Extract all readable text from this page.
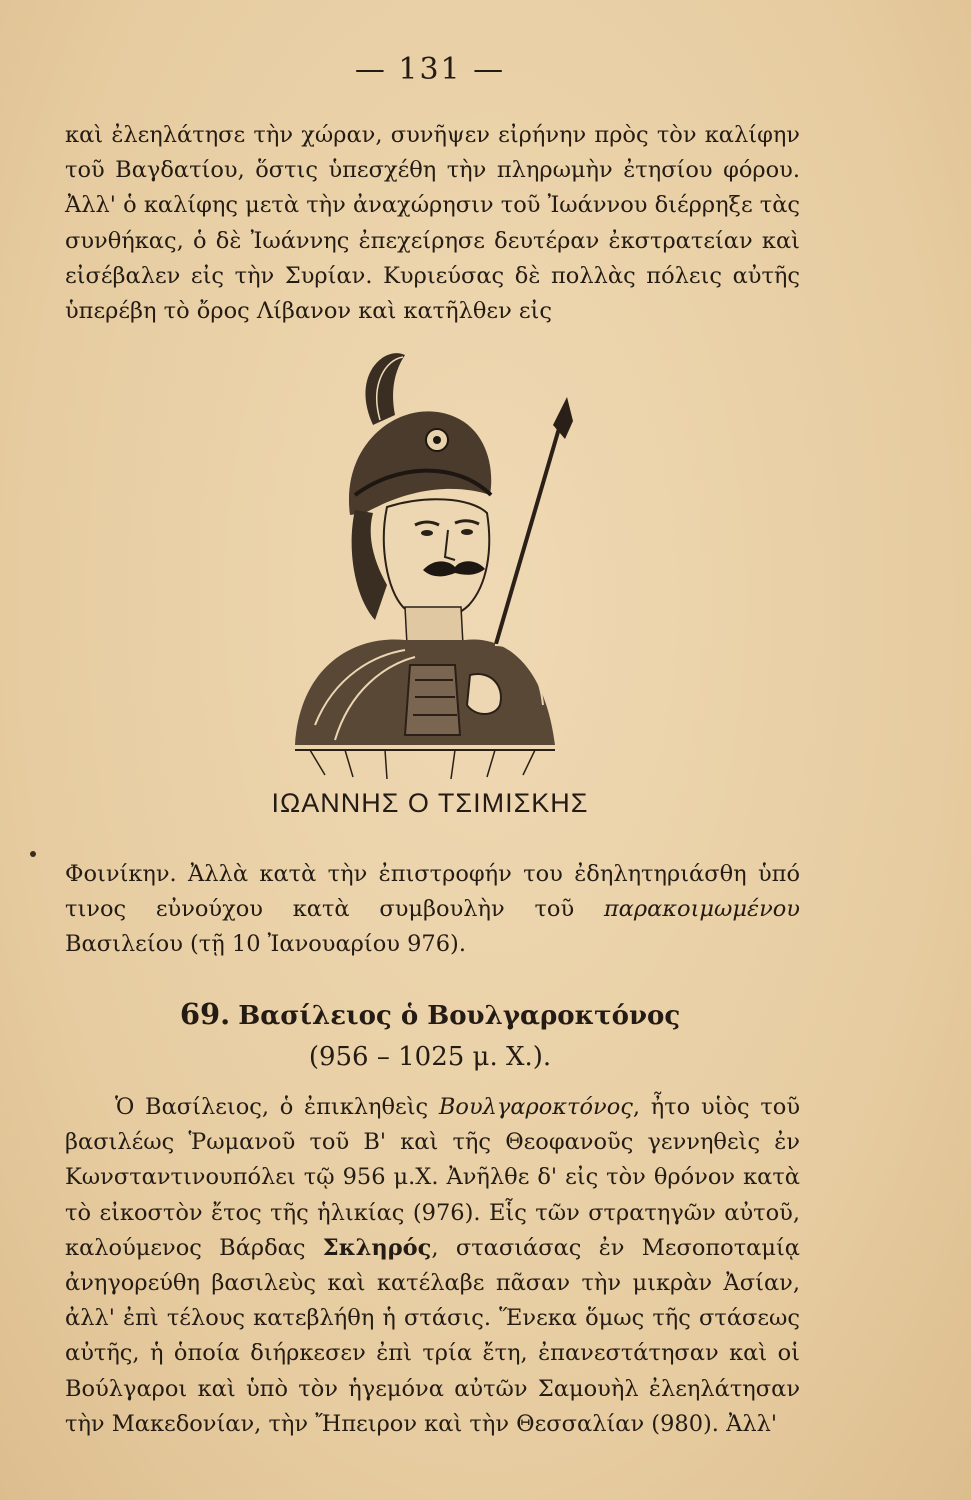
— 131 —

καὶ ἐλεηλάτησε τὴν χώραν, συνῆψεν εἰρήνην πρὸς τὸν καλίφην τοῦ Βαγδατίου, ὅστις ὑπεσχέθη τὴν πληρωμὴν ἐτησίου φόρου. Ἀλλ' ὁ καλίφης μετὰ τὴν ἀναχώρησιν τοῦ Ἰωάννου διέρρηξε τὰς συνθήκας, ὁ δὲ Ἰωάννης ἐπεχείρησε δευτέραν ἐκστρατείαν καὶ εἰσέβαλεν εἰς τὴν Συρίαν. Κυριεύσας δὲ πολλὰς πόλεις αὐτῆς ὑπερέβη τὸ ὄρος Λίβανον καὶ κατῆλθεν εἰς

ΙΩΑΝΝΗΣ Ο ΤΣΙΜΙΣΚΗΣ

Φοινίκην. Ἀλλὰ κατὰ τὴν ἐπιστροφήν του ἐδηλητηριάσθη ὑπό τινος εὐνούχου κατὰ συμβουλὴν τοῦ παρακοιμωμένου Βασιλείου (τῇ 10 Ἰανουαρίου 976).

69. Βασίλειος ὁ Βουλγαροκτόνος
(956 – 1025 μ. Χ.).

Ὁ Βασίλειος, ὁ ἐπικληθεὶς Βουλγαροκτόνος, ἦτο υἱὸς τοῦ βασιλέως Ῥωμανοῦ τοῦ Β' καὶ τῆς Θεοφανοῦς γεννηθεὶς ἐν Κωνσταντινουπόλει τῷ 956 μ.Χ. Ἀνῆλθε δ' εἰς τὸν θρόνον κατὰ τὸ εἰκοστὸν ἔτος τῆς ἡλικίας (976). Εἷς τῶν στρατηγῶν αὐτοῦ, καλούμενος Βάρδας Σκληρός, στασιάσας ἐν Μεσοποταμίᾳ ἀνηγορεύθη βασιλεὺς καὶ κατέλαβε πᾶσαν τὴν μικρὰν Ἀσίαν, ἀλλ' ἐπὶ τέλους κατεβλήθη ἡ στάσις. Ἕνεκα ὅμως τῆς στάσεως αὐτῆς, ἡ ὁποία διήρκεσεν ἐπὶ τρία ἔτη, ἐπανεστάτησαν καὶ οἱ Βούλγαροι καὶ ὑπὸ τὸν ἡγεμόνα αὐτῶν Σαμουὴλ ἐλεηλάτησαν τὴν Μακεδονίαν, τὴν Ἤπειρον καὶ τὴν Θεσσαλίαν (980). Ἀλλ'
